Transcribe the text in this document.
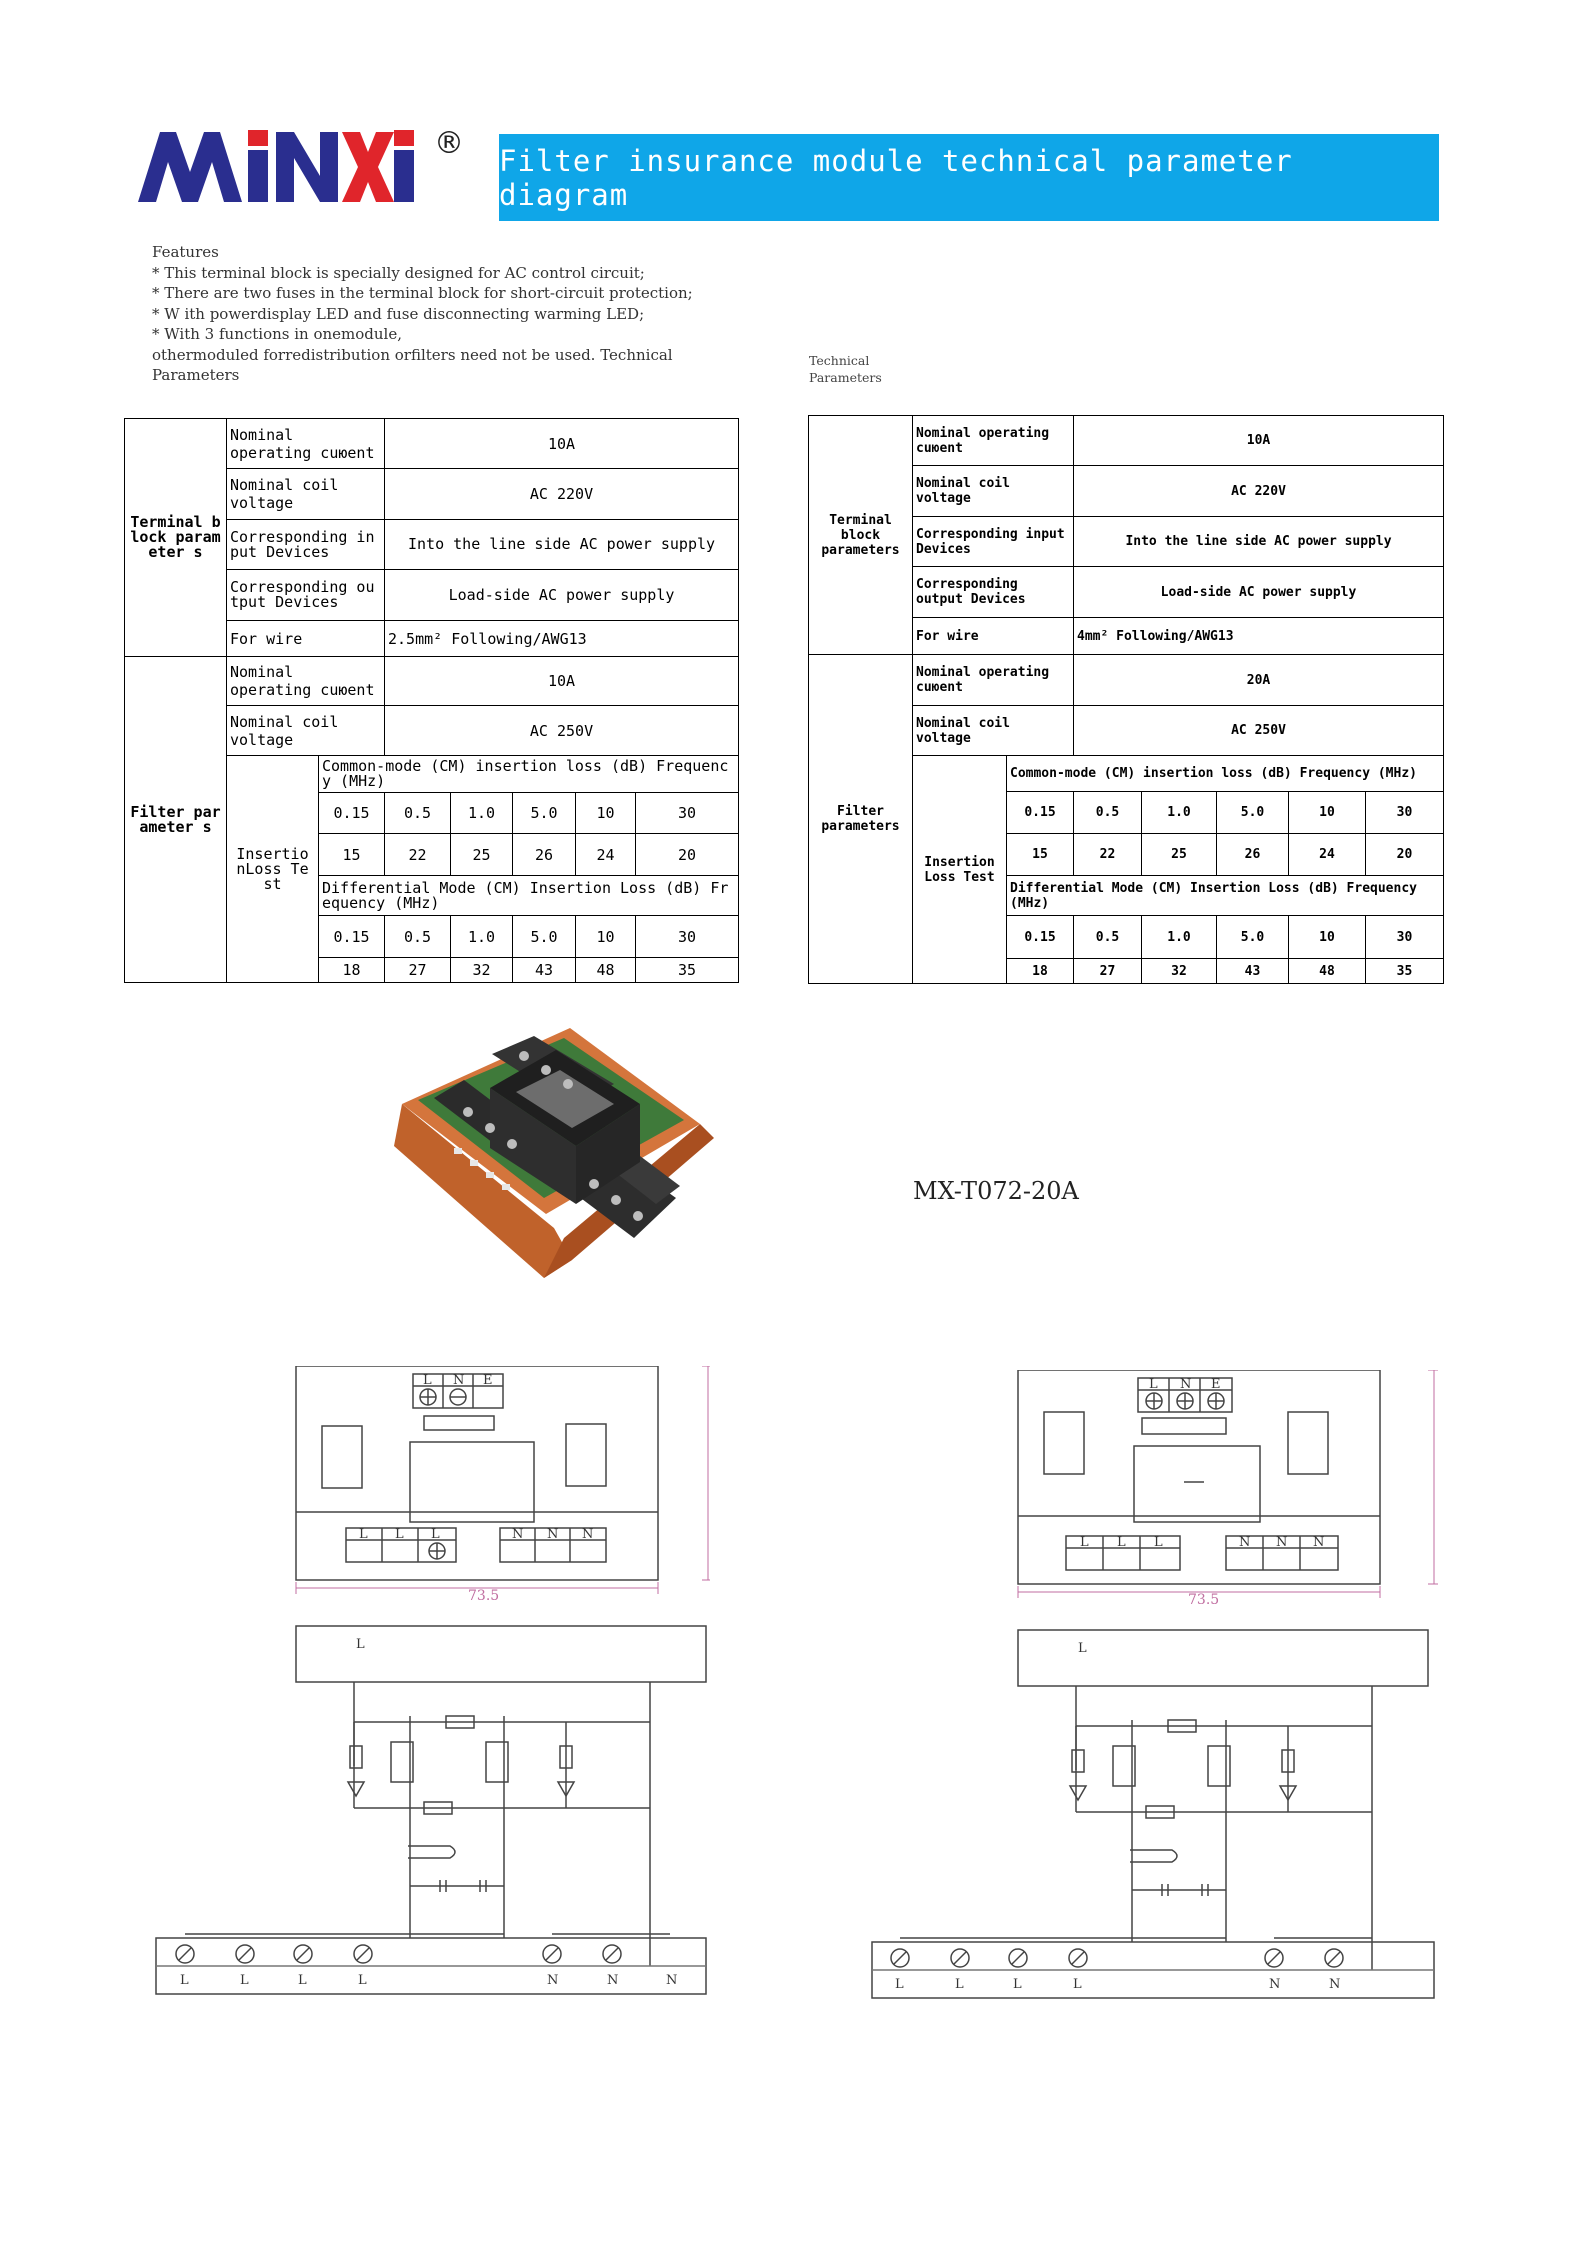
® Filter insurance module technical parameter diagram
Features
* This terminal block is specially designed for AC control circuit;
* There are two fuses in the terminal block for short-circuit protection;
* W ith powerdisplay LED and fuse disconnecting warming LED;
* With 3 functions in onemodule,
othermoduled forredistribution orfilters need not be used. Technical
Parameters
Technical
Parameters
Terminal block parameter s	Nominal operating cuюent		10A				
	Nominal coil voltage		AC 220V				
	Corresponding input Devices		Into the line side AC power supply				
	Corresponding output Devices		Load-side AC power supply				
	For wire		2.5mm² Following/AWG13				
Filter parameter s	Nominal operating cuюent		10A				
	Nominal coil voltage		AC 250V				
	Insertio nLoss Te st	Common-mode (CM) insertion loss (dB) Frequency (MHz)					
		0.15	0.5	1.0	5.0	10	30
		15	22	25	26	24	20
		Differential Mode (CM) Insertion Loss (dB) Frequency (MHz)					
		0.15	0.5	1.0	5.0	10	30
		18	27	32	43	48	35
Terminal block parameters	Nominal operating cuюent		10A				
	Nominal coil voltage		AC 220V				
	Corresponding input Devices		Into the line side AC power supply				
	Corresponding output Devices		Load-side AC power supply				
	For wire		4mm² Following/AWG13				
Filter parameters	Nominal operating cuюent		20A				
	Nominal coil voltage		AC 250V				
	Insertion Loss Test	Common-mode (CM) insertion loss (dB) Frequency (MHz)					
		0.15	0.5	1.0	5.0	10	30
		15	22	25	26	24	20
		Differential Mode (CM) Insertion Loss (dB) Frequency (MHz)					
		0.15	0.5	1.0	5.0	10	30
		18	27	32	43	48	35
MX-T072-20A
73.5
L N E
L L L	N N N
L
L	L	L	L	N	N	N
73.5
L N E
L L L	N N N
L
L	L	L	L	N	N
